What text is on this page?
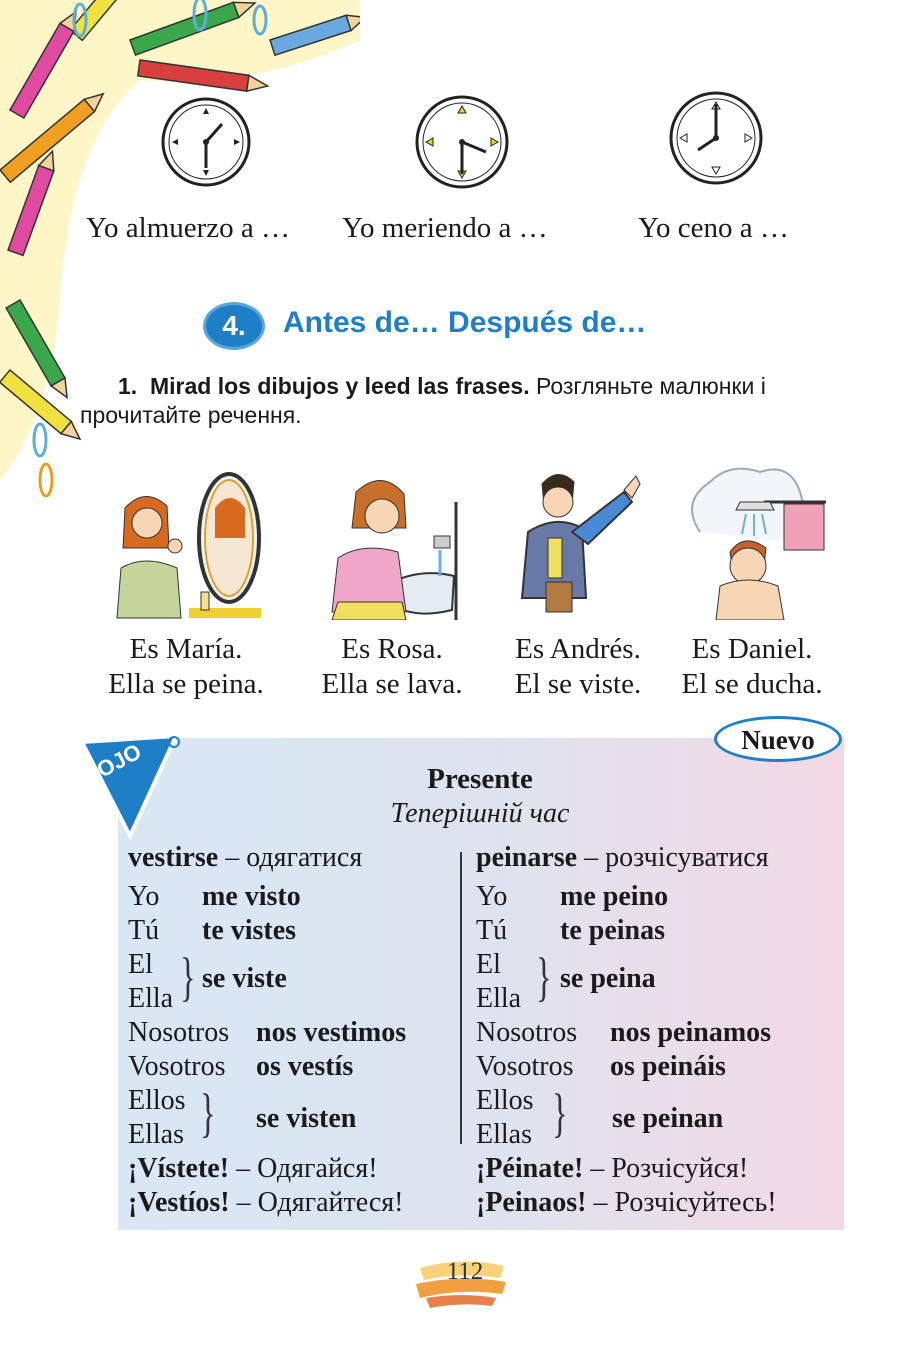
Yo almuerzo a … Yo meriendo a …	Yo ceno a …
4.	Antes de… Después de…
1. Mirad los dibujos y leed las frases. Розгляньте малюнки і прочитайте речення.
Es María.
Ella se peina.
Es Rosa.
Ella se lava.
Es Andrés.
El se viste.
Es Daniel.
El se ducha.
OJO	Nuevo
Presente
Теперішній час
vestirse – одягатися
Yo me visto
Tú te vistes
El
Ella } se viste
Nosotros nos vestimos
Vosotros os vestís
Ellos
Ellas } se visten
¡Vístete! – Одягайся!
¡Vestíos! – Одягайтеся!
peinarse – розчісуватися
Yo me peino
Tú te peinas
El
Ella } se peina
Nosotros nos peinamos
Vosotros os peináis
Ellos
Ellas } se peinan
¡Péinate! – Розчісуйся!
¡Peinaos! – Розчісуйтесь!
112
